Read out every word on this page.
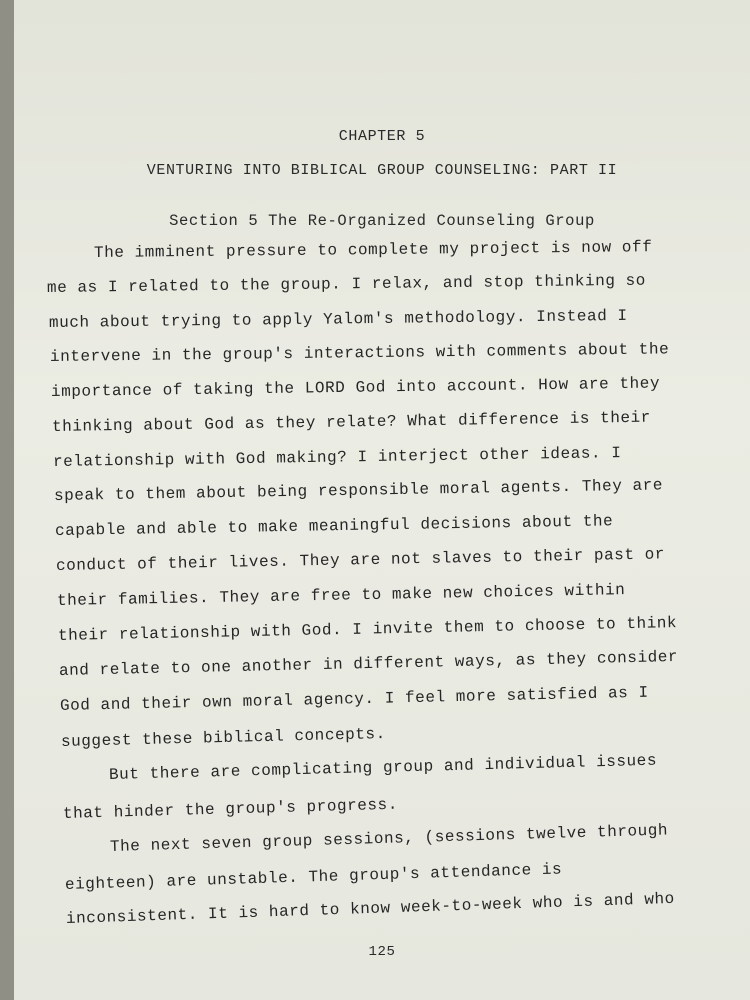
CHAPTER 5
VENTURING INTO BIBLICAL GROUP COUNSELING: PART II
Section 5 The Re-Organized Counseling Group
The imminent pressure to complete my project is now off
me as I related to the group. I relax, and stop thinking so
much about trying to apply Yalom's methodology. Instead I
intervene in the group's interactions with comments about the
importance of taking the LORD God into account. How are they
thinking about God as they relate? What difference is their
relationship with God making? I interject other ideas. I
speak to them about being responsible moral agents. They are
capable and able to make meaningful decisions about the
conduct of their lives. They are not slaves to their past or
their families. They are free to make new choices within
their relationship with God. I invite them to choose to think
and relate to one another in different ways, as they consider
God and their own moral agency. I feel more satisfied as I
suggest these biblical concepts.
But there are complicating group and individual issues
that hinder the group's progress.
The next seven group sessions, (sessions twelve through
eighteen) are unstable. The group's attendance is
inconsistent. It is hard to know week-to-week who is and who
125
